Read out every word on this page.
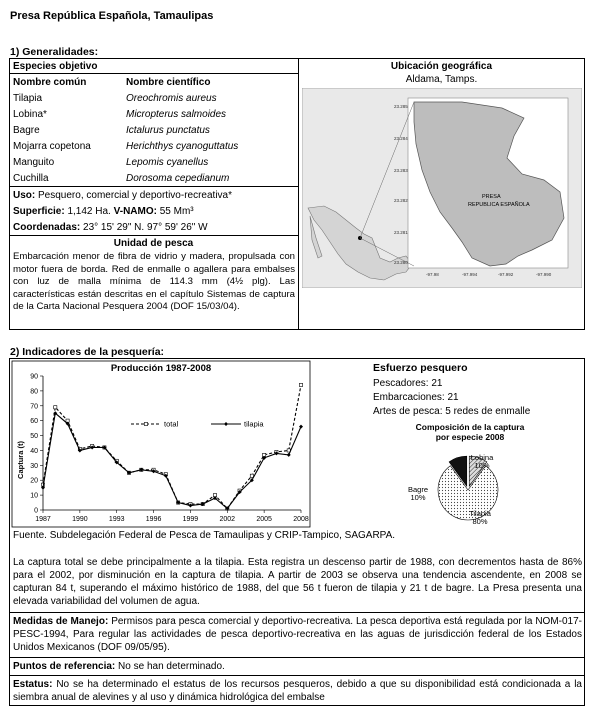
Presa República Española, Tamaulipas
1) Generalidades:
Especies objetivo
Nombre común	Nombre científico
Tilapia	Oreochromis aureus
Lobina*	Micropterus salmoides
Bagre	Ictalurus punctatus
Mojarra copetona	Herichthys cyanoguttatus
Manguito	Lepomis cyanellus
Cuchilla	Dorosoma cepedianum
Uso: Pesquero, comercial y deportivo-recreativa*
Superficie: 1,142 Ha. V-NAMO: 55 Mm³
Coordenadas: 23° 15' 29" N. 97° 59' 26" W
Unidad de pesca
Embarcación menor de fibra de vidrio y madera, propulsada con motor fuera de borda. Red de enmalle o agallera para embalses con luz de malla mínima de 114.3 mm (4½ plg). Las características están descritas en el capítulo Sistemas de captura de la Carta Nacional Pesquera 2004 (DOF 15/03/04).
Ubicación geográfica
Aldama, Tamps.
PRESA
REPUBLICA ESPAÑOLA
23.285
23.284
23.283
23.282
23.281
23.280
-97.98	-97.994	-97.992	-97.990
2) Indicadores de la pesquería:
Producción 1987-2008
Captura (t)
0
10
20
30
40
50
60
70
80
90
1987	1990	1993	1996	1999	2002	2005	2008
total	tilapia
Esfuerzo pesquero
Pescadores: 21
Embarcaciones: 21
Artes de pesca: 5 redes de enmalle
Composición de la captura
por especie 2008
Tilapia
80%
Bagre
10%
Lobina
10%
Fuente. Subdelegación Federal de Pesca de Tamaulipas y CRIP-Tampico, SAGARPA.
La captura total se debe principalmente a la tilapia. Esta registra un descenso partir de 1988, con decrementos hasta de 86% para el 2002, por disminución en la captura de tilapia. A partir de 2003 se observa una tendencia ascendente, en 2008 se capturan 84 t, superando el máximo histórico de 1988, del que 56 t fueron de tilapia y 21 t de bagre. La Presa presenta una elevada variabilidad del volumen de agua.
Medidas de Manejo: Permisos para pesca comercial y deportivo-recreativa. La pesca deportiva está regulada por la NOM-017-PESC-1994, Para regular las actividades de pesca deportivo-recreativa en las aguas de jurisdicción federal de los Estados Unidos Mexicanos (DOF 09/05/95).
Puntos de referencia: No se han determinado.
Estatus: No se ha determinado el estatus de los recursos pesqueros, debido a que su disponibilidad está condicionada a la siembra anual de alevines y al uso y dinámica hidrológica del embalse
